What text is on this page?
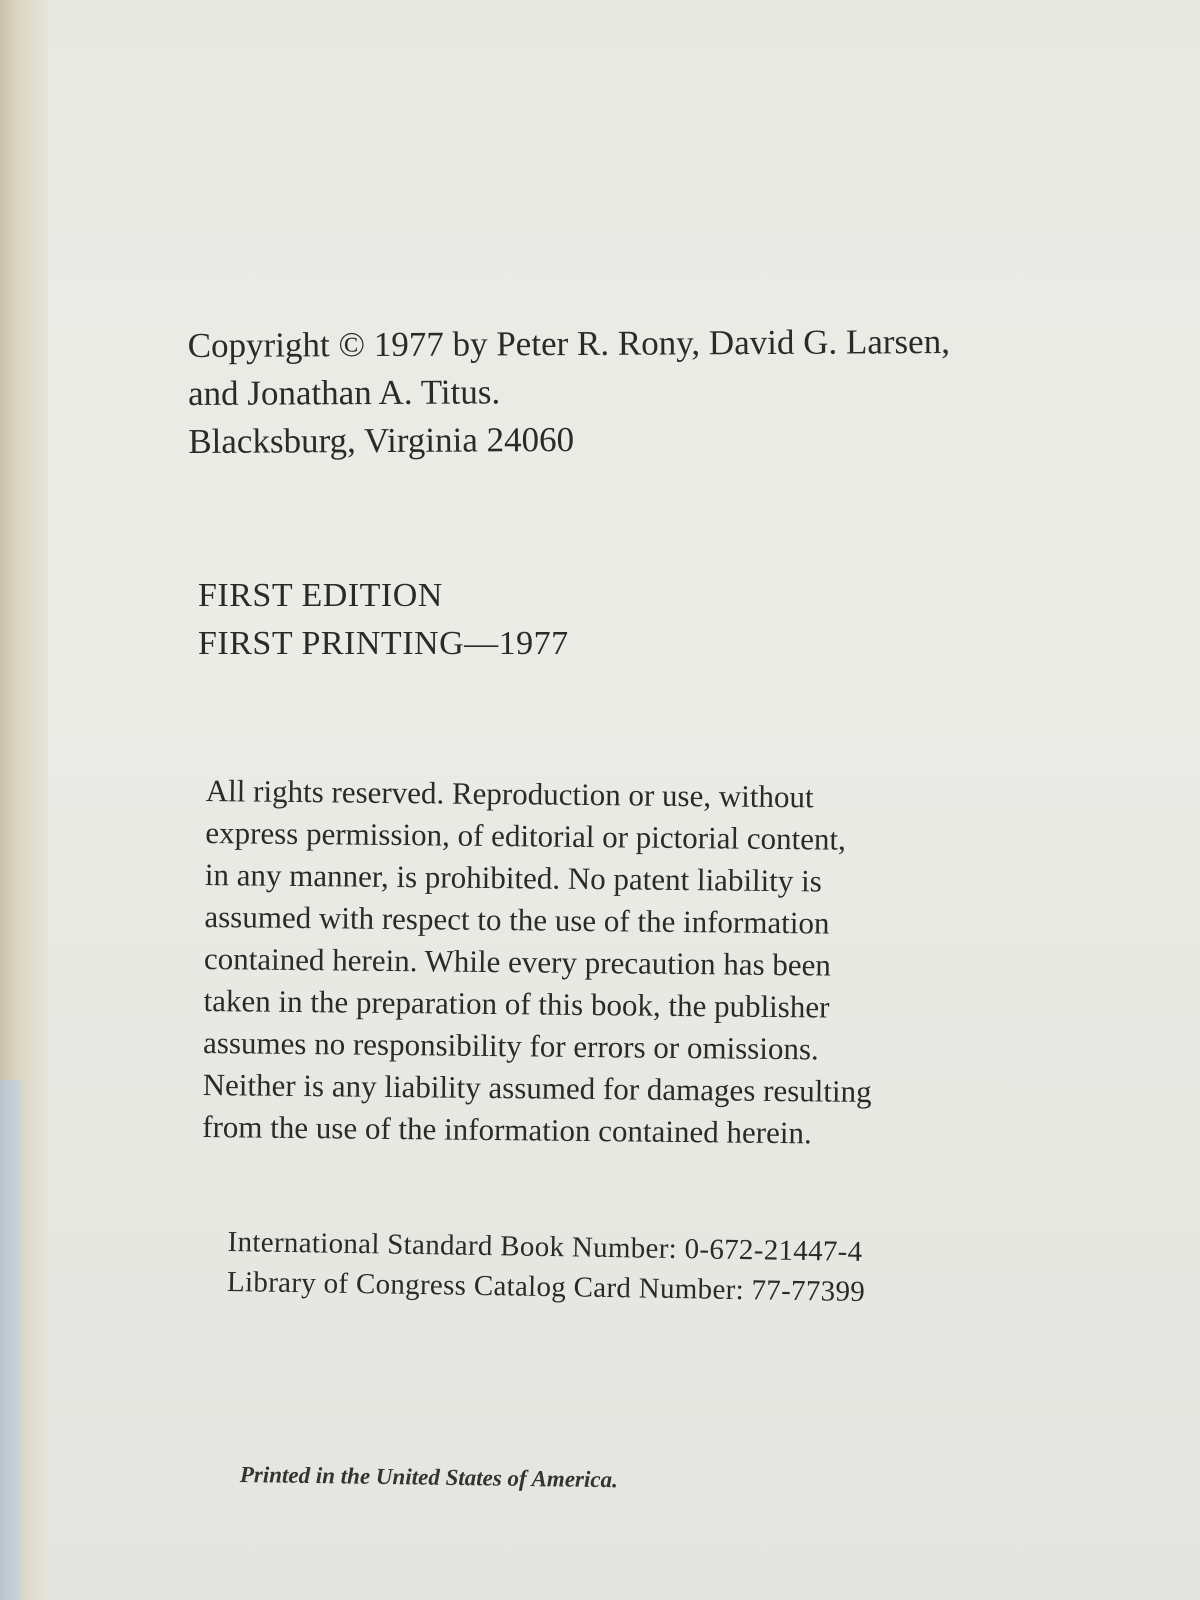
Copyright © 1977 by Peter R. Rony, David G. Larsen,
and Jonathan A. Titus.
Blacksburg, Virginia 24060
FIRST EDITION
FIRST PRINTING—1977
All rights reserved. Reproduction or use, without
express permission, of editorial or pictorial content,
in any manner, is prohibited. No patent liability is
assumed with respect to the use of the information
contained herein. While every precaution has been
taken in the preparation of this book, the publisher
assumes no responsibility for errors or omissions.
Neither is any liability assumed for damages resulting
from the use of the information contained herein.
International Standard Book Number: 0-672-21447-4
Library of Congress Catalog Card Number: 77-77399
Printed in the United States of America.
